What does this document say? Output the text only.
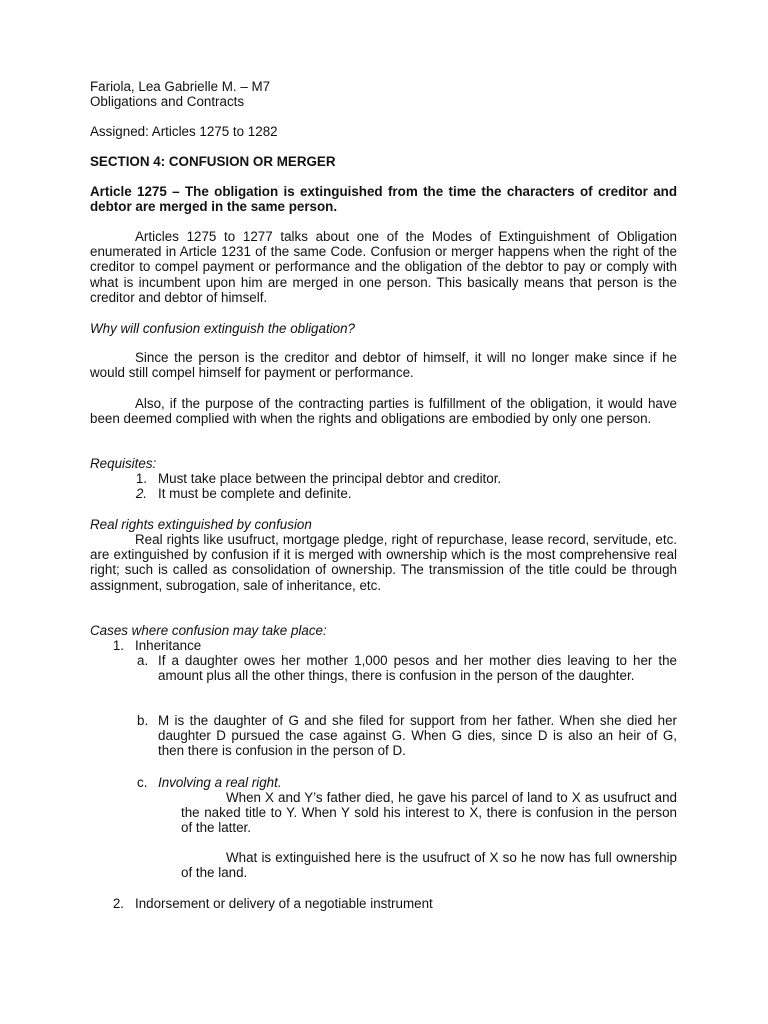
Fariola, Lea Gabrielle M. – M7

Obligations and Contracts

Assigned: Articles 1275 to 1282

SECTION 4: CONFUSION OR MERGER

Article 1275 – The obligation is extinguished from the time the characters of creditor and debtor are merged in the same person.

Articles 1275 to 1277 talks about one of the Modes of Extinguishment of Obligation enumerated in Article 1231 of the same Code. Confusion or merger happens when the right of the creditor to compel payment or performance and the obligation of the debtor to pay or comply with what is incumbent upon him are merged in one person. This basically means that person is the creditor and debtor of himself.

Why will confusion extinguish the obligation?

Since the person is the creditor and debtor of himself, it will no longer make since if he would still compel himself for payment or performance.

Also, if the purpose of the contracting parties is fulfillment of the obligation, it would have been deemed complied with when the rights and obligations are embodied by only one person.

Requisites:

1. Must take place between the principal debtor and creditor.
2. It must be complete and definite.

Real rights extinguished by confusion

Real rights like usufruct, mortgage pledge, right of repurchase, lease record, servitude, etc. are extinguished by confusion if it is merged with ownership which is the most comprehensive real right; such is called as consolidation of ownership. The transmission of the title could be through assignment, subrogation, sale of inheritance, etc.

Cases where confusion may take place:

1. Inheritance
a. If a daughter owes her mother 1,000 pesos and her mother dies leaving to her the amount plus all the other things, there is confusion in the person of the daughter.

b. M is the daughter of G and she filed for support from her father. When she died her daughter D pursued the case against G. When G dies, since D is also an heir of G, then there is confusion in the person of D.

c. Involving a real right.

When X and Y’s father died, he gave his parcel of land to X as usufruct and the naked title to Y. When Y sold his interest to X, there is confusion in the person of the latter.

What is extinguished here is the usufruct of X so he now has full ownership of the land.

2. Indorsement or delivery of a negotiable instrument
